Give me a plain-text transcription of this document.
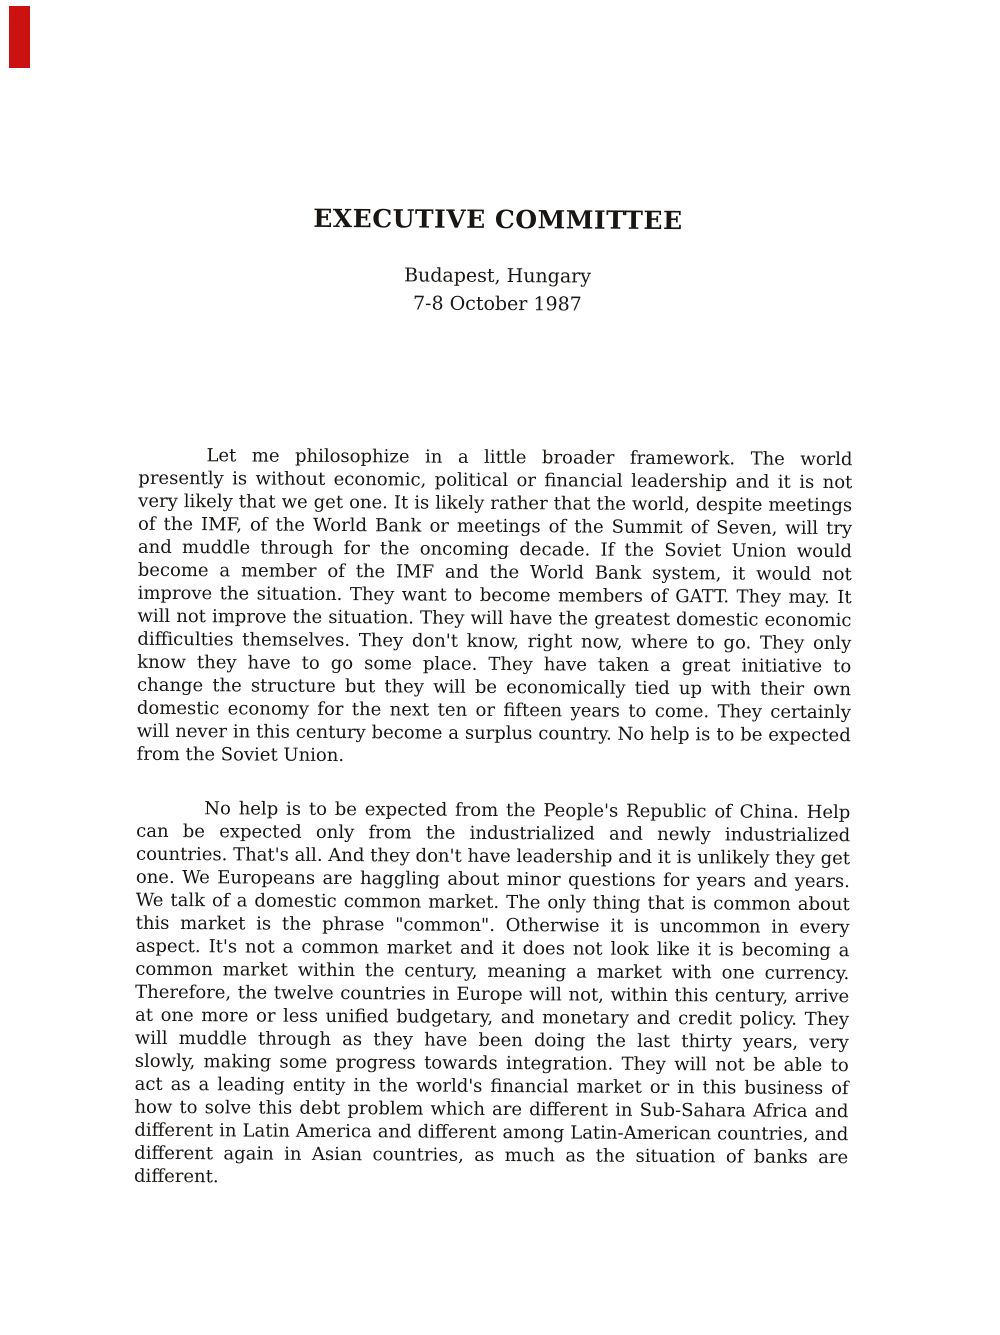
EXECUTIVE COMMITTEE
Budapest, Hungary
7-8 October 1987

Let me philosophize in a little broader framework. The world presently is without economic, political or financial leadership and it is not very likely that we get one. It is likely rather that the world, despite meetings of the IMF, of the World Bank or meetings of the Summit of Seven, will try and muddle through for the oncoming decade. If the Soviet Union would become a member of the IMF and the World Bank system, it would not improve the situation. They want to become members of GATT. They may. It will not improve the situation. They will have the greatest domestic economic difficulties themselves. They don't know, right now, where to go. They only know they have to go some place. They have taken a great initiative to change the structure but they will be economically tied up with their own domestic economy for the next ten or fifteen years to come. They certainly will never in this century become a surplus country. No help is to be expected from the Soviet Union.

No help is to be expected from the People's Republic of China. Help can be expected only from the industrialized and newly industrialized countries. That's all. And they don't have leadership and it is unlikely they get one. We Europeans are haggling about minor questions for years and years. We talk of a domestic common market. The only thing that is common about this market is the phrase "common". Otherwise it is uncommon in every aspect. It's not a common market and it does not look like it is becoming a common market within the century, meaning a market with one currency. Therefore, the twelve countries in Europe will not, within this century, arrive at one more or less unified budgetary, and monetary and credit policy. They will muddle through as they have been doing the last thirty years, very slowly, making some progress towards integration. They will not be able to act as a leading entity in the world's financial market or in this business of how to solve this debt problem which are different in Sub-Sahara Africa and different in Latin America and different among Latin-American countries, and different again in Asian countries, as much as the situation of banks are different.
